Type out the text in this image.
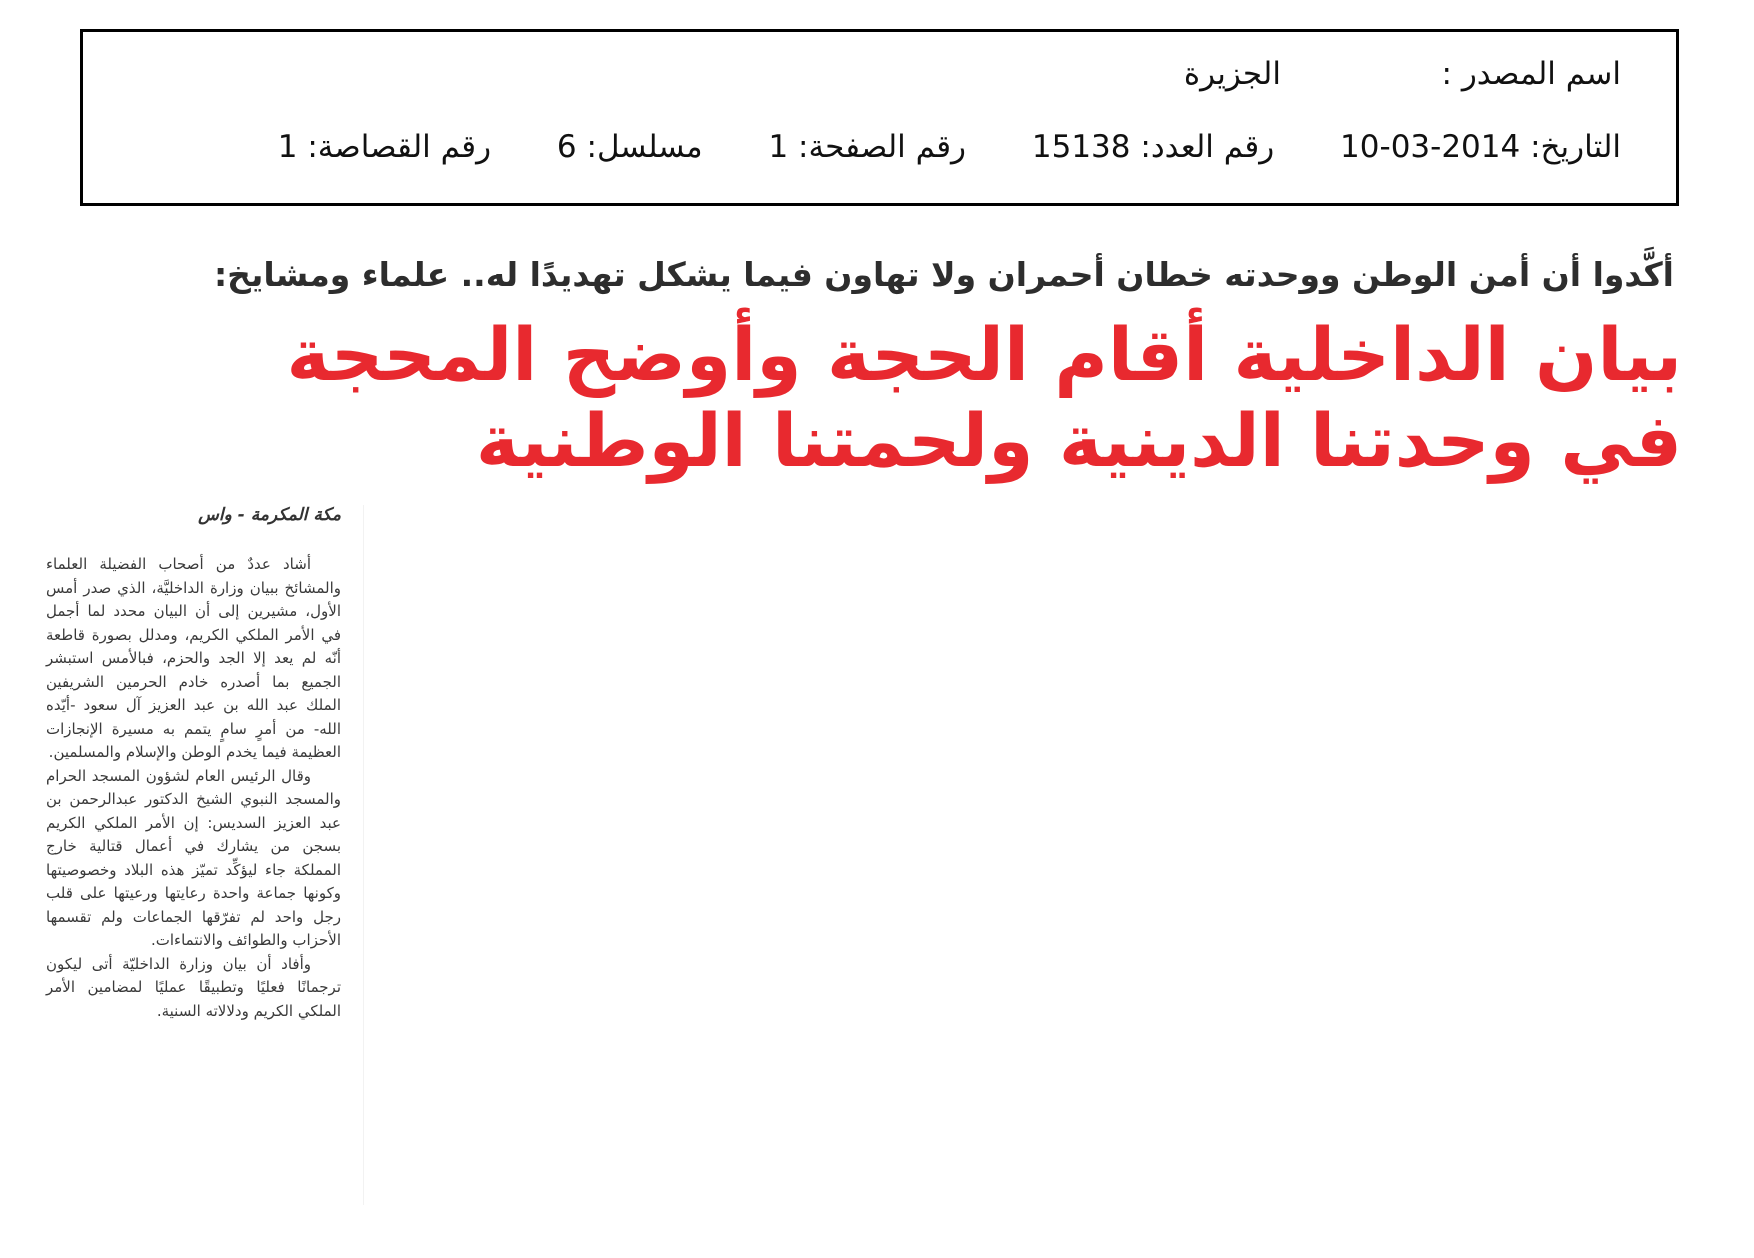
اسم المصدر :
الجزيرة
التاريخ: 2014-03-10 رقم العدد: 15138 رقم الصفحة: 1 مسلسل: 6 رقم القصاصة: 1
أكَّدوا أن أمن الوطن ووحدته خطان أحمران ولا تهاون فيما يشكل تهديدًا له.. علماء ومشايخ:
بيان الداخلية أقام الحجة وأوضح المحجة
في وحدتنا الدينية ولحمتنا الوطنية
مكة المكرمة - واس

أشاد عددٌ من أصحاب الفضيلة العلماء والمشائخ ببيان وزارة الداخليَّة، الذي صدر أمس الأول، مشيرين إلى أن البيان محدد لما أجمل في الأمر الملكي الكريم، ومدلل بصورة قاطعة أنّه لم يعد إلا الجد والحزم، فبالأمس استبشر الجميع بما أصدره خادم الحرمين الشريفين الملك عبد الله بن عبد العزيز آل سعود -أيّده الله- من أمرٍ سامٍ يتمم به مسيرة الإنجازات العظيمة فيما يخدم الوطن والإسلام والمسلمين.

وقال الرئيس العام لشؤون المسجد الحرام والمسجد النبوي الشيخ الدكتور عبدالرحمن بن عبد العزيز السديس: إن الأمر الملكي الكريم بسجن من يشارك في أعمال قتالية خارج المملكة جاء ليؤكِّد تميّز هذه البلاد وخصوصيتها وكونها جماعة واحدة رعايتها ورعيتها على قلب رجل واحد لم تفرّقها الجماعات ولم تقسمها الأحزاب والطوائف والانتماءات.

وأفاد أن بيان وزارة الداخليّة أتى ليكون ترجمانًا فعليًا وتطبيقًا عمليًا لمضامين الأمر الملكي الكريم ودلالاته السنية.
